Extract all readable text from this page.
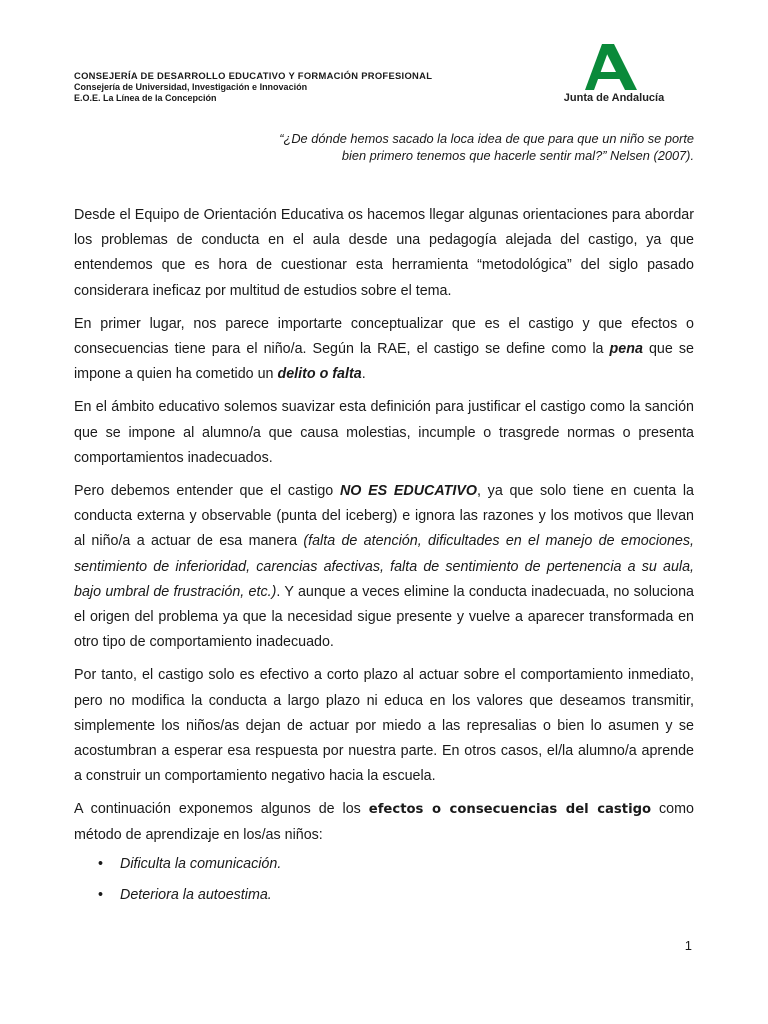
CONSEJERÍA DE DESARROLLO EDUCATIVO Y FORMACIÓN PROFESIONAL
Consejería de Universidad, Investigación e Innovación
E.O.E. La Línea de la Concepción	Junta de Andalucía
“¿De dónde hemos sacado la loca idea de que para que un niño se porte
bien primero tenemos que hacerle sentir mal?” Nelsen (2007).

Desde el Equipo de Orientación Educativa os hacemos llegar algunas orientaciones para abordar los problemas de conducta en el aula desde una pedagogía alejada del castigo, ya que entendemos que es hora de cuestionar esta herramienta “metodológica” del siglo pasado considerara ineficaz por multitud de estudios sobre el tema.

En primer lugar, nos parece importarte conceptualizar que es el castigo y que efectos o consecuencias tiene para el niño/a. Según la RAE, el castigo se define como la pena que se impone a quien ha cometido un delito o falta.

En el ámbito educativo solemos suavizar esta definición para justificar el castigo como la sanción que se impone al alumno/a que causa molestias, incumple o trasgrede normas o presenta comportamientos inadecuados.

Pero debemos entender que el castigo NO ES EDUCATIVO, ya que solo tiene en cuenta la conducta externa y observable (punta del iceberg) e ignora las razones y los motivos que llevan al niño/a a actuar de esa manera (falta de atención, dificultades en el manejo de emociones, sentimiento de inferioridad, carencias afectivas, falta de sentimiento de pertenencia a su aula, bajo umbral de frustración, etc.). Y aunque a veces elimine la conducta inadecuada, no soluciona el origen del problema ya que la necesidad sigue presente y vuelve a aparecer transformada en otro tipo de comportamiento inadecuado.

Por tanto, el castigo solo es efectivo a corto plazo al actuar sobre el comportamiento inmediato, pero no modifica la conducta a largo plazo ni educa en los valores que deseamos transmitir, simplemente los niños/as dejan de actuar por miedo a las represalias o bien lo asumen y se acostumbran a esperar esa respuesta por nuestra parte. En otros casos, el/la alumno/a aprende a construir un comportamiento negativo hacia la escuela.

A continuación exponemos algunos de los efectos o consecuencias del castigo como método de aprendizaje en los/as niños:

• Dificulta la comunicación.
• Deteriora la autoestima.
1
